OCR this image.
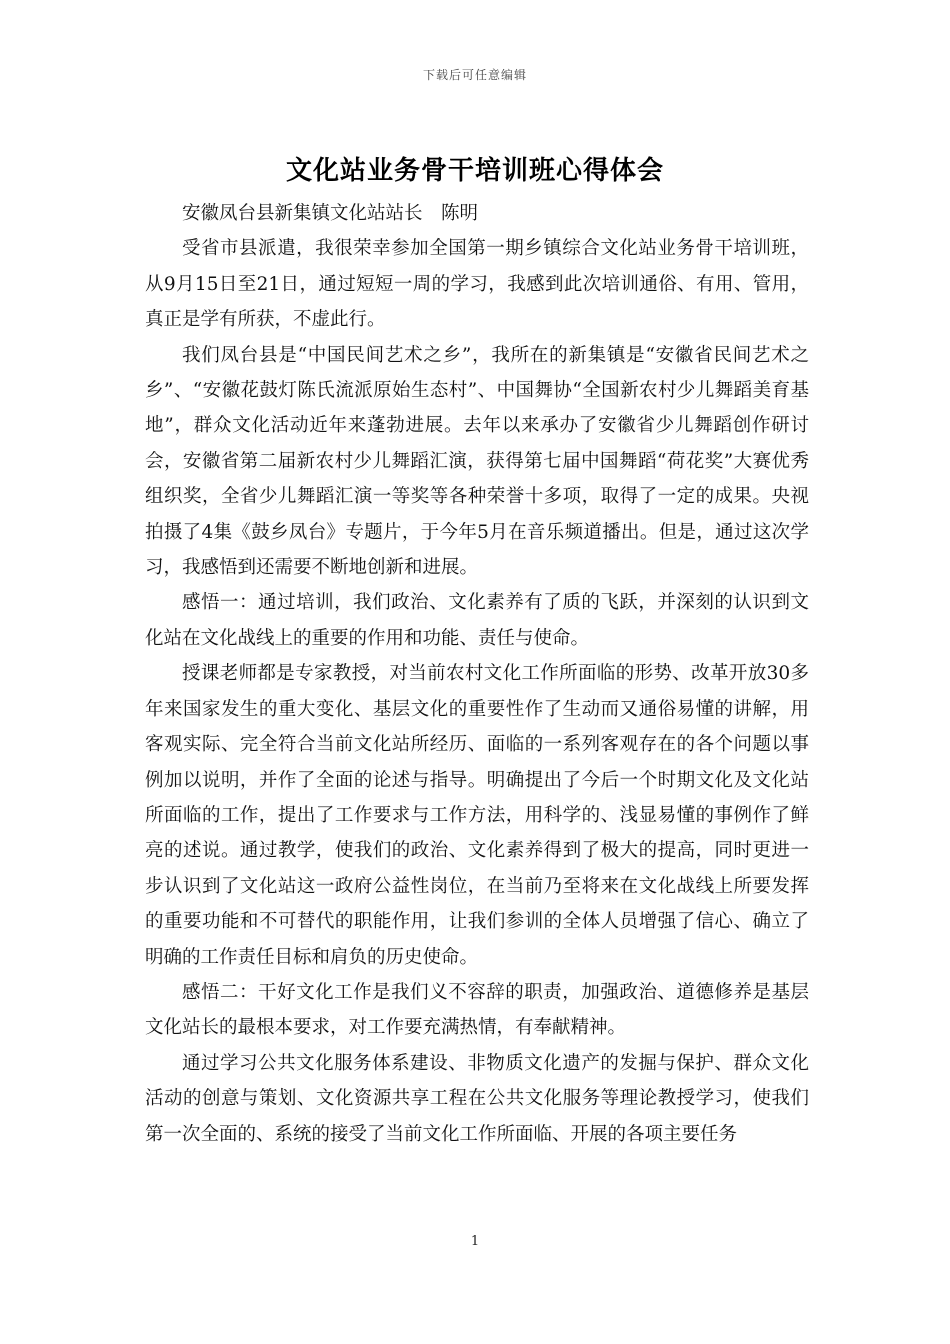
下载后可任意编辑
文化站业务骨干培训班心得体会

安徽凤台县新集镇文化站站长　陈明

受省市县派遣，我很荣幸参加全国第一期乡镇综合文化站业务骨干培训班，从9月15日至21日，通过短短一周的学习，我感到此次培训通俗、有用、管用，真正是学有所获，不虚此行。

我们凤台县是“中国民间艺术之乡”，我所在的新集镇是“安徽省民间艺术之乡”、“安徽花鼓灯陈氏流派原始生态村”、中国舞协“全国新农村少儿舞蹈美育基地”，群众文化活动近年来蓬勃进展。去年以来承办了安徽省少儿舞蹈创作研讨会，安徽省第二届新农村少儿舞蹈汇演，获得第七届中国舞蹈“荷花奖”大赛优秀组织奖，全省少儿舞蹈汇演一等奖等各种荣誉十多项，取得了一定的成果。央视拍摄了4集《鼓乡凤台》专题片，于今年5月在音乐频道播出。但是，通过这次学习，我感悟到还需要不断地创新和进展。

感悟一：通过培训，我们政治、文化素养有了质的飞跃，并深刻的认识到文化站在文化战线上的重要的作用和功能、责任与使命。

授课老师都是专家教授，对当前农村文化工作所面临的形势、改革开放30多年来国家发生的重大变化、基层文化的重要性作了生动而又通俗易懂的讲解，用客观实际、完全符合当前文化站所经历、面临的一系列客观存在的各个问题以事例加以说明，并作了全面的论述与指导。明确提出了今后一个时期文化及文化站所面临的工作，提出了工作要求与工作方法，用科学的、浅显易懂的事例作了鲜亮的述说。通过教学，使我们的政治、文化素养得到了极大的提高，同时更进一步认识到了文化站这一政府公益性岗位，在当前乃至将来在文化战线上所要发挥的重要功能和不可替代的职能作用，让我们参训的全体人员增强了信心、确立了明确的工作责任目标和肩负的历史使命。

感悟二：干好文化工作是我们义不容辞的职责，加强政治、道德修养是基层文化站长的最根本要求，对工作要充满热情，有奉献精神。

通过学习公共文化服务体系建设、非物质文化遗产的发掘与保护、群众文化活动的创意与策划、文化资源共享工程在公共文化服务等理论教授学习，使我们第一次全面的、系统的接受了当前文化工作所面临、开展的各项主要任务

1
